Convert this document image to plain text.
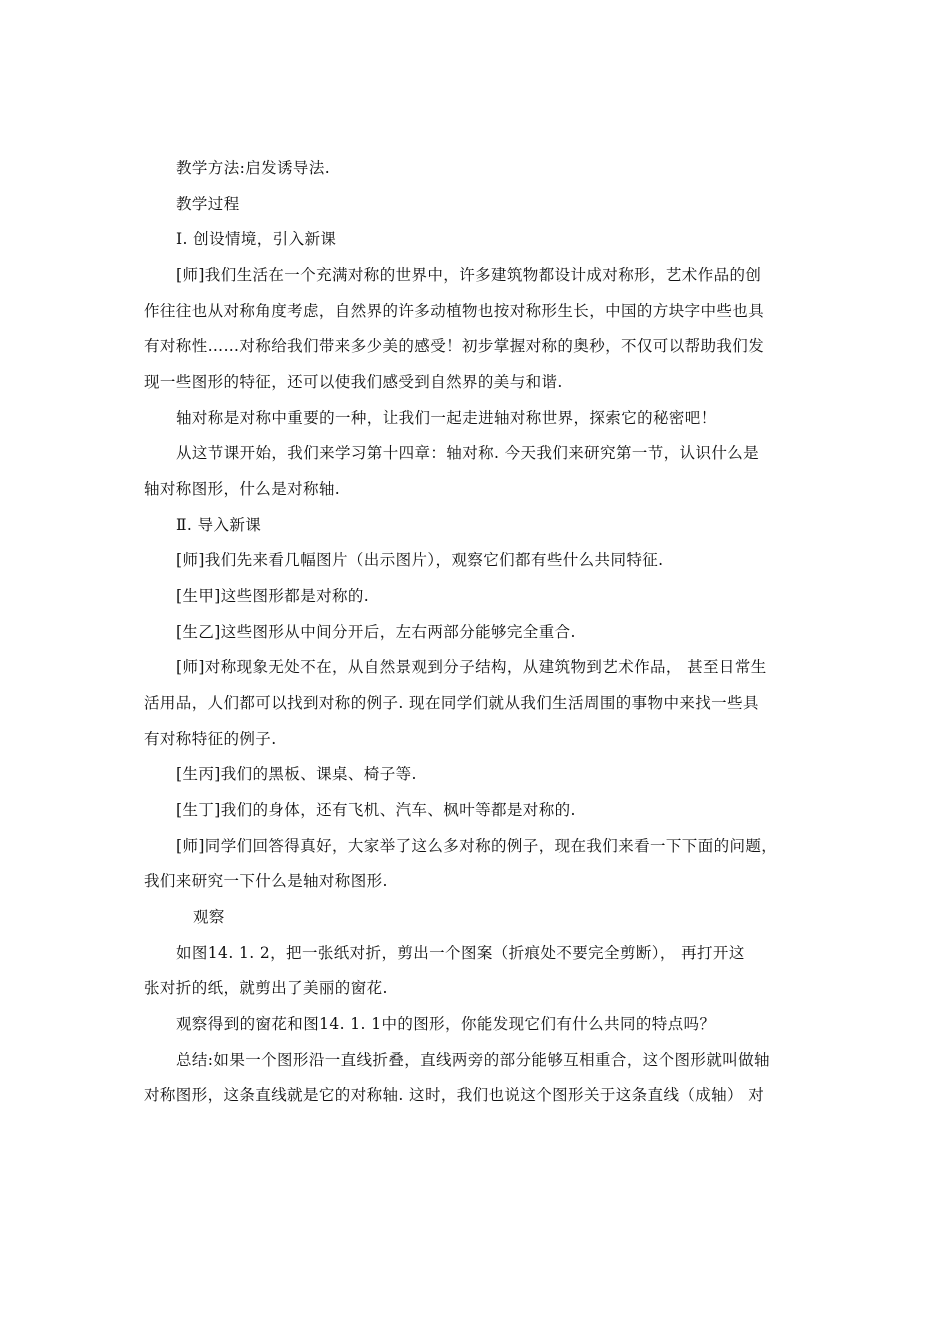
教学方法:启发诱导法.
教学过程
Ⅰ. 创设情境，引入新课
[师]我们生活在一个充满对称的世界中，许多建筑物都设计成对称形，艺术作品的创
作往往也从对称角度考虑，自然界的许多动植物也按对称形生长，中国的方块字中些也具
有对称性……对称给我们带来多少美的感受！初步掌握对称的奥秒，不仅可以帮助我们发
现一些图形的特征，还可以使我们感受到自然界的美与和谐.
轴对称是对称中重要的一种，让我们一起走进轴对称世界，探索它的秘密吧！
从这节课开始，我们来学习第十四章：轴对称. 今天我们来研究第一节，认识什么是
轴对称图形，什么是对称轴.
Ⅱ. 导入新课
[师]我们先来看几幅图片（出示图片），观察它们都有些什么共同特征.
[生甲]这些图形都是对称的.
[生乙]这些图形从中间分开后，左右两部分能够完全重合.
[师]对称现象无处不在，从自然景观到分子结构，从建筑物到艺术作品， 甚至日常生
活用品，人们都可以找到对称的例子. 现在同学们就从我们生活周围的事物中来找一些具
有对称特征的例子.
[生丙]我们的黑板、课桌、椅子等.
[生丁]我们的身体，还有飞机、汽车、枫叶等都是对称的.
[师]同学们回答得真好，大家举了这么多对称的例子，现在我们来看一下下面的问题，
我们来研究一下什么是轴对称图形.
观察
如图14. 1. 2，把一张纸对折，剪出一个图案（折痕处不要完全剪断）， 再打开这
张对折的纸，就剪出了美丽的窗花.
观察得到的窗花和图14. 1. 1中的图形，你能发现它们有什么共同的特点吗？
总结:如果一个图形沿一直线折叠，直线两旁的部分能够互相重合，这个图形就叫做轴
对称图形，这条直线就是它的对称轴. 这时，我们也说这个图形关于这条直线（成轴） 对
